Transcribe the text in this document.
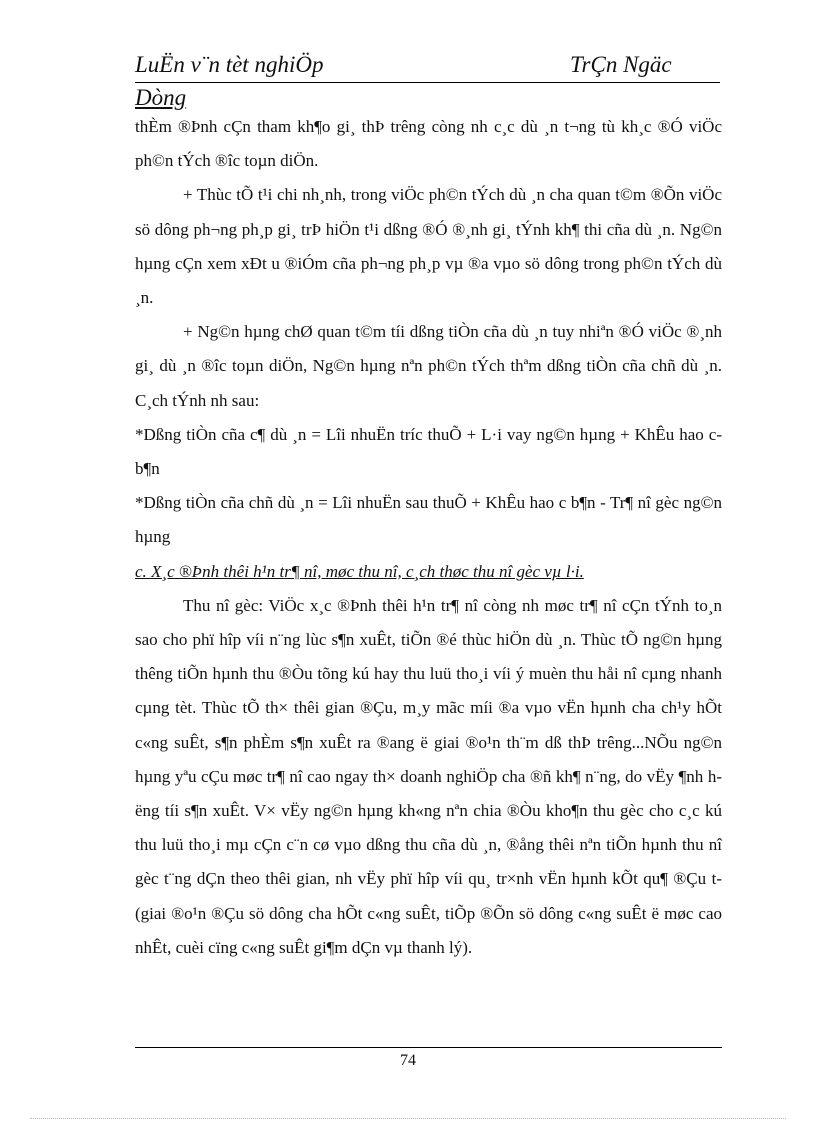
LuËn v¨n tèt nghiÖp	TrÇn Ngäc
Dòng

thÈm ®Þnh cÇn tham kh¶o gi¸ thÞ trêng còng nh c¸c dù ¸n t¬ng tù kh¸c ®Ó viÖc ph©n tÝch ®îc toµn diÖn.

+ Thùc tÕ t¹i chi nh¸nh, trong viÖc ph©n tÝch dù ¸n cha quan t©m ®Õn viÖc sö dông ph¬ng ph¸p gi¸ trÞ hiÖn t¹i dßng ®Ó ®¸nh gi¸ tÝnh kh¶ thi cña dù ¸n. Ng©n hµng cÇn xem xÐt u ®iÓm cña ph¬ng ph¸p vµ ®a vµo sö dông trong ph©n tÝch dù ¸n.

+ Ng©n hµng chØ quan t©m tíi dßng tiÒn cña dù ¸n tuy nhiªn ®Ó viÖc ®¸nh gi¸ dù ¸n ®îc toµn diÖn, Ng©n hµng nªn ph©n tÝch thªm dßng tiÒn cña chñ dù ¸n. C¸ch tÝnh nh sau:

*Dßng tiÒn cña c¶ dù ¸n = Lîi nhuËn tríc thuÕ + L·i vay ng©n hµng + KhÊu hao c b¶n

*Dßng tiÒn cña chñ dù ¸n = Lîi nhuËn sau thuÕ + KhÊu hao c b¶n - Tr¶ nî gèc ng©n hµng

c. X¸c ®Þnh thêi h¹n tr¶ nî, møc thu nî, c¸ch thøc thu nî gèc vµ l·i.

Thu nî gèc: ViÖc x¸c ®Þnh thêi h¹n tr¶ nî còng nh møc tr¶ nî cÇn tÝnh to¸n sao cho phï hîp víi n¨ng lùc s¶n xuÊt, tiÕn ®é thùc hiÖn dù ¸n. Thùc tÕ ng©n hµng thêng tiÕn hµnh thu ®Òu tõng kú hay thu luü tho¸i víi ý muèn thu håi nî cµng nhanh cµng tèt. Thùc tÕ th× thêi gian ®Çu, m¸y mãc míi ®a vµo vËn hµnh cha ch¹y hÕt c«ng suÊt, s¶n phÈm s¶n xuÊt ra ®ang ë giai ®o¹n th¨m dß thÞ trêng...NÕu ng©n hµng yªu cÇu møc tr¶ nî cao ngay th× doanh nghiÖp cha ®ñ kh¶ n¨ng, do vËy ¶nh hëng tíi s¶n xuÊt. V× vËy ng©n hµng kh«ng nªn chia ®Òu kho¶n thu gèc cho c¸c kú thu luü tho¸i mµ cÇn c¨n cø vµo dßng thu cña dù ¸n, ®ång thêi nªn tiÕn hµnh thu nî gèc t¨ng dÇn theo thêi gian, nh vËy phï hîp víi qu¸ tr×nh vËn hµnh kÕt qu¶ ®Çu t (giai ®o¹n ®Çu sö dông cha hÕt c«ng suÊt, tiÕp ®Õn sö dông c«ng suÊt ë møc cao nhÊt, cuèi cïng c«ng suÊt gi¶m dÇn vµ thanh lý).

74
